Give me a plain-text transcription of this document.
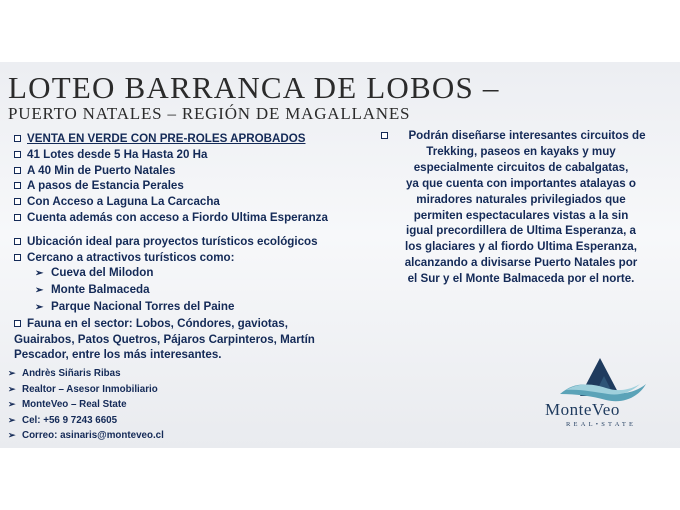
LOTEO BARRANCA DE LOBOS –
PUERTO NATALES – REGIÓN DE MAGALLANES
VENTA EN VERDE CON PRE-ROLES APROBADOS
41 Lotes desde 5 Ha Hasta 20 Ha
A 40 Min de Puerto Natales
A pasos de Estancia Perales
Con Acceso a Laguna La Carcacha
Cuenta además con acceso a Fiordo Ultima Esperanza
Ubicación ideal para proyectos turísticos ecológicos
Cercano a atractivos turísticos como:
➢ Cueva del Milodon
➢ Monte Balmaceda
➢ Parque Nacional Torres del Paine
Fauna en el sector: Lobos, Cóndores, gaviotas,
Guairabos, Patos Quetros, Pájaros Carpinteros, Martín
Pescador, entre los más interesantes.
Podrán diseñarse interesantes circuitos de
Trekking, paseos en kayaks y muy
especialmente circuitos de cabalgatas,
ya que cuenta con importantes atalayas o
miradores naturales privilegiados que
permiten espectaculares vistas a la sin
igual precordillera de Ultima Esperanza, a
los glaciares y al fiordo Ultima Esperanza,
alcanzando a divisarse Puerto Natales por
el Sur y el Monte Balmaceda por el norte.
➢ Andrès Siñaris Ribas
➢ Realtor – Asesor Inmobiliario
➢ MonteVeo – Real State
➢ Cel: +56 9 7243 6605
➢ Correo: asinaris@monteveo.cl
MonteVeo
REAL•STATE
